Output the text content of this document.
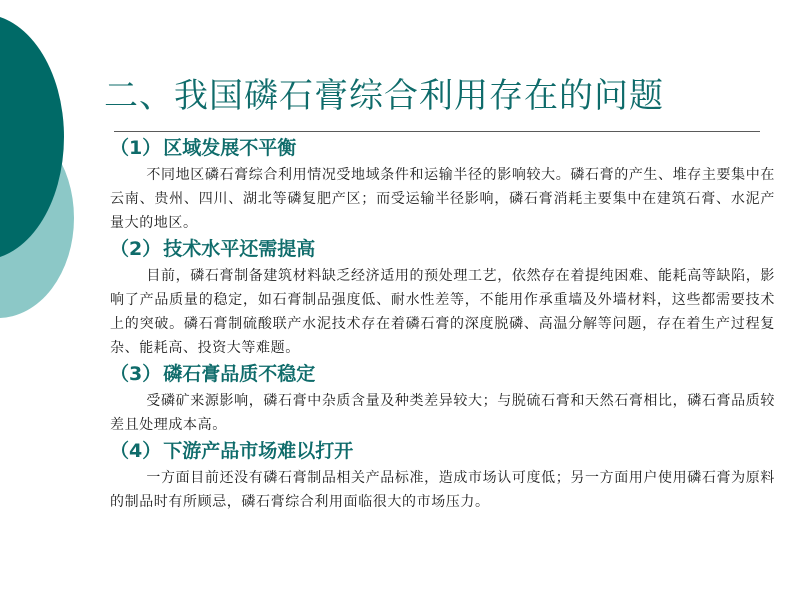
二、我国磷石膏综合利用存在的问题
（1） 区域发展不平衡

不同地区磷石膏综合利用情况受地域条件和运输半径的影响较大。磷石膏的产生、堆存主要集中在云南、贵州、四川、湖北等磷复肥产区；而受运输半径影响，磷石膏消耗主要集中在建筑石膏、水泥产量大的地区。

（2） 技术水平还需提高

目前，磷石膏制备建筑材料缺乏经济适用的预处理工艺，依然存在着提纯困难、能耗高等缺陷，影响了产品质量的稳定，如石膏制品强度低、耐水性差等，不能用作承重墙及外墙材料，这些都需要技术上的突破。磷石膏制硫酸联产水泥技术存在着磷石膏的深度脱磷、高温分解等问题，存在着生产过程复杂、能耗高、投资大等难题。

（3） 磷石膏品质不稳定

受磷矿来源影响，磷石膏中杂质含量及种类差异较大；与脱硫石膏和天然石膏相比，磷石膏品质较差且处理成本高。

（4） 下游产品市场难以打开

一方面目前还没有磷石膏制品相关产品标准，造成市场认可度低；另一方面用户使用磷石膏为原料的制品时有所顾忌，磷石膏综合利用面临很大的市场压力。
